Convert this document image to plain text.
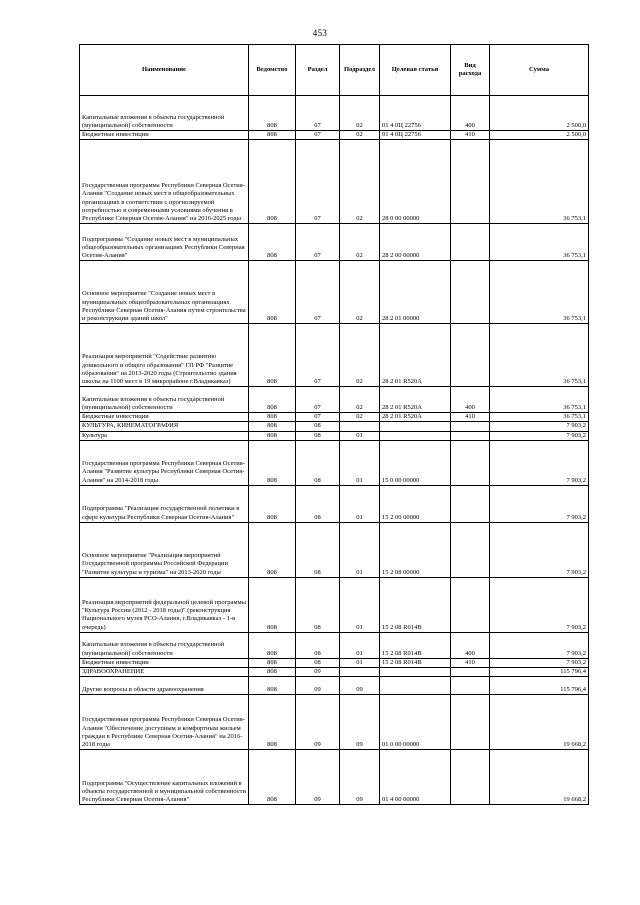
453
Наименование	Ведомство	Раздел	Подраздел	Целевая статья	Вид расхода	Сумма
Капитальные вложения в объекты государственной (муниципальной) собственности	808	07	02	01 4 0Ц 22756	400	2 500,0
Бюджетные инвестиции	808	07	02	01 4 0Ц 22756	410	2 500,0
Государственная программа Республики Северная Осетия-Алания "Создание новых мест в общеобразовательных организациях в соответствии с прогнозируемой потребностью и современными условиями обучения в Республике Северная Осетия-Алания" на 2016-2025 годы	808	07	02	28 0 00 00000		36 753,1
Подпрограмма "Создание новых мест в муниципальных общеобразовательных организациях Республики Северная Осетия-Алания"	808	07	02	28 2 00 00000		36 753,1
Основное мероприятие "Создание новых мест в муниципальных общеобразовательных организациях Республики Северная Осетия-Алания путем строительства и реконструкции зданий школ"	808	07	02	28 2 01 00000		36 753,1
Реализация мероприятий "Содействие развитию дошкольного и общего образования" ГП РФ "Развитие образования" на 2013-2020 годы (Строительство здания школы на 1100 мест в 19 микрорайоне г.Владикавказ)	808	07	02	28 2 01 R520A		36 753,1
Капитальные вложения в объекты государственной (муниципальной) собственности	808	07	02	28 2 01 R520A	400	36 753,1
Бюджетные инвестиции	808	07	02	28 2 01 R520A	410	36 753,1
КУЛЬТУРА, КИНЕМАТОГРАФИЯ	808	08				7 903,2
Культура	808	08	01			7 903,2
Государственная программа Республики Северная Осетия-Алания "Развитие культуры Республики Северная Осетия-Алания" на 2014-2018 годы	808	08	01	15 0 00 00000		7 903,2
Подпрограмма "Реализация государственной политики в сфере культуры Республики Северная Осетия-Алания"	808	08	01	15 2 00 00000		7 903,2
Основное мероприятие "Реализация мероприятий Государственной программы Российской Федерации "Развитие культуры и туризма" на 2013-2020 годы	808	08	01	15 2 08 00000		7 903,2
Реализация мероприятий федеральной целевой программы "Культура России (2012 - 2018 годы)" (реконструкция Национального музея РСО-Алания, г.Владикавказ - 1-я очередь)	808	08	01	15 2 08 R014B		7 903,2
Капитальные вложения в объекты государственной (муниципальной) собственности	808	08	01	15 2 08 R014B	400	7 903,2
Бюджетные инвестиции	808	08	01	15 2 08 R014B	410	7 903,2
ЗДРАВООХРАНЕНИЕ	808	09				115 796,4
Другие вопросы в области здравоохранения	808	09	09			115 796,4
Государственная программа Республики Северная Осетия-Алания "Обеспечение доступным и комфортным жильем граждан в Республике Северная Осетия-Алания" на 2016-2018 годы	808	09	09	01 0 00 00000		19 668,2
Подпрограмма "Осуществление капитальных вложений в объекты государственной и муниципальной собственности Республики Северная Осетия-Алания"	808	09	09	01 4 00 00000		19 668,2
